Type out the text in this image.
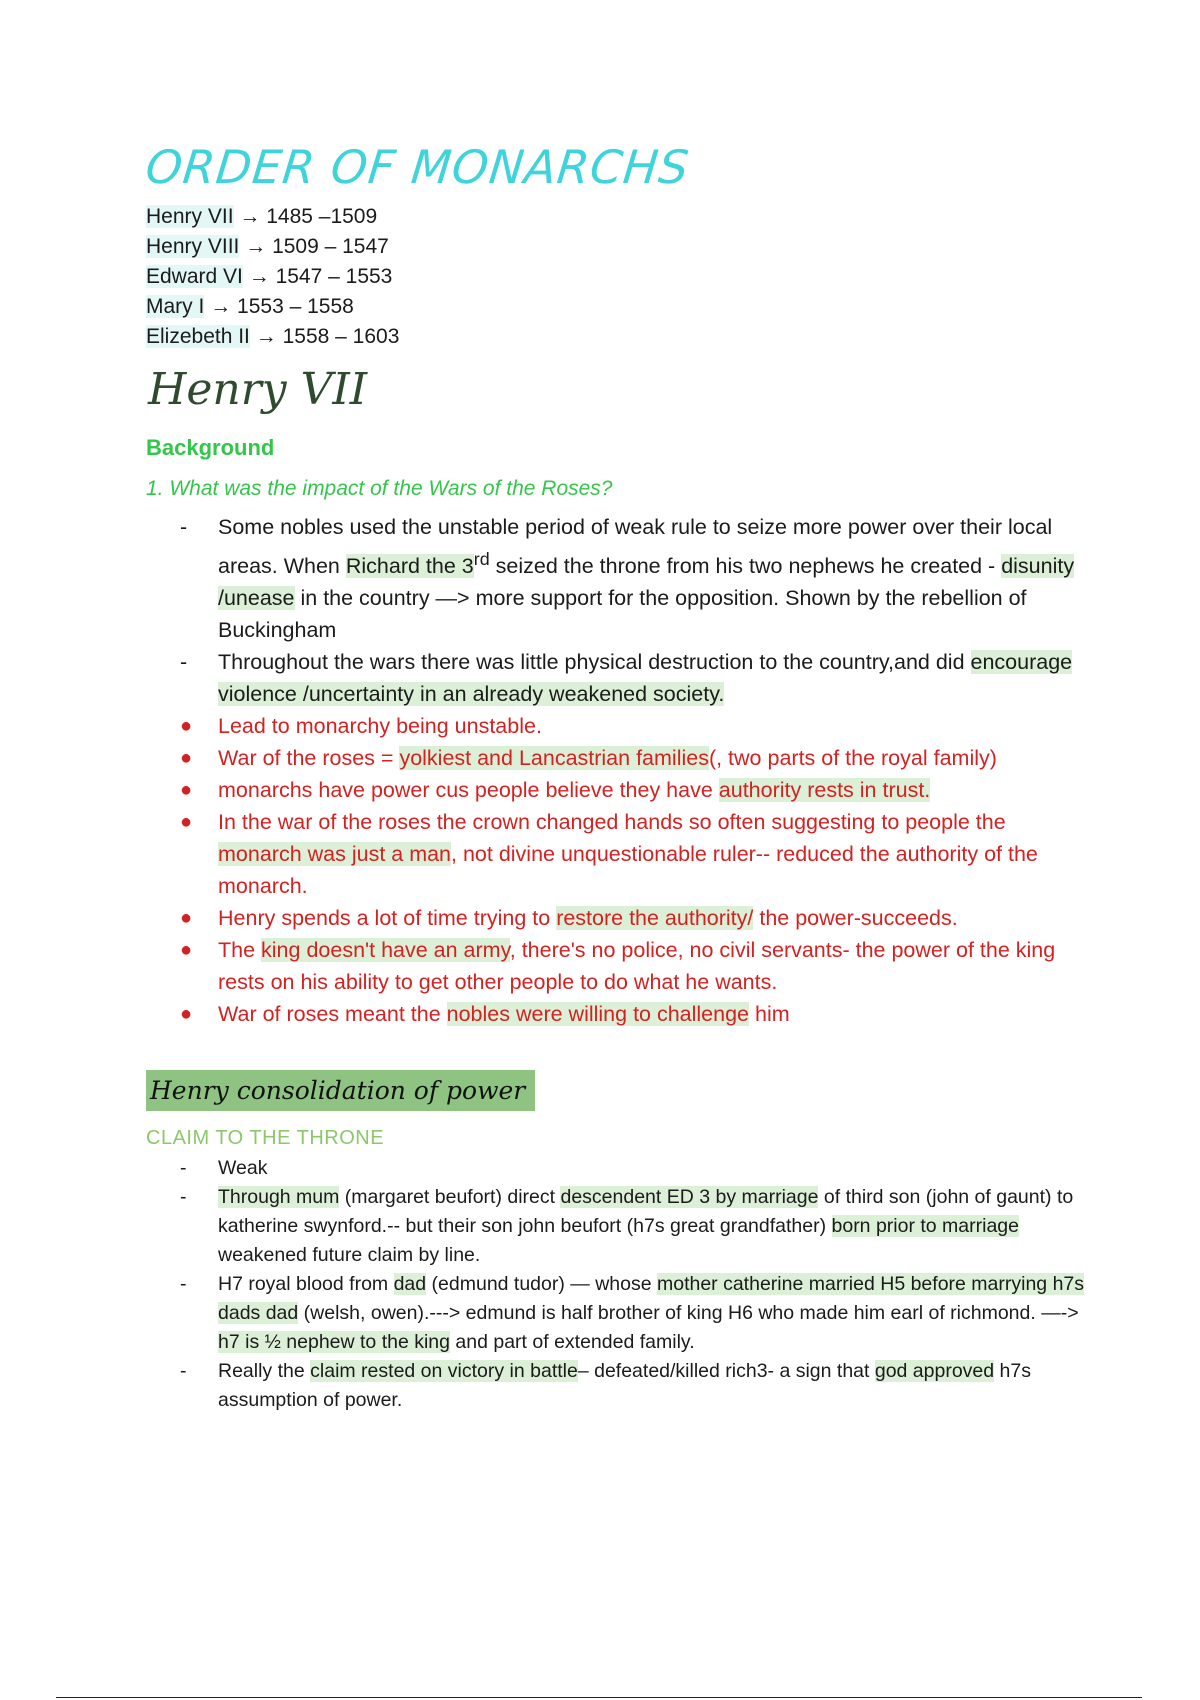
ORDER OF MONARCHS
Henry VII → 1485 –1509
Henry VIII → 1509 – 1547
Edward VI → 1547 – 1553
Mary I → 1553 – 1558
Elizebeth II → 1558 – 1603
Henry VII
Background
1. What was the impact of the Wars of the Roses?
- Some nobles used the unstable period of weak rule to seize more power over their local areas. When Richard the 3rd seized the throne from his two nephews he created - disunity /unease in the country —> more support for the opposition. Shown by the rebellion of Buckingham
- Throughout the wars there was little physical destruction to the country,and did encourage violence /uncertainty in an already weakened society.
● Lead to monarchy being unstable.
● War of the roses = yolkiest and Lancastrian families(, two parts of the royal family)
● monarchs have power cus people believe they have authority rests in trust.
● In the war of the roses the crown changed hands so often suggesting to people the monarch was just a man, not divine unquestionable ruler-- reduced the authority of the monarch.
● Henry spends a lot of time trying to restore the authority/ the power-succeeds.
● The king doesn't have an army, there's no police, no civil servants- the power of the king rests on his ability to get other people to do what he wants.
● War of roses meant the nobles were willing to challenge him
Henry consolidation of power
CLAIM TO THE THRONE
- Weak
- Through mum (margaret beufort) direct descendent ED 3 by marriage of third son (john of gaunt) to katherine swynford.-- but their son john beufort (h7s great grandfather) born prior to marriage weakened future claim by line.
- H7 royal blood from dad (edmund tudor) — whose mother catherine married H5 before marrying h7s dads dad (welsh, owen).---> edmund is half brother of king H6 who made him earl of richmond. —-> h7 is ½ nephew to the king and part of extended family.
- Really the claim rested on victory in battle– defeated/killed rich3- a sign that god approved h7s assumption of power.
